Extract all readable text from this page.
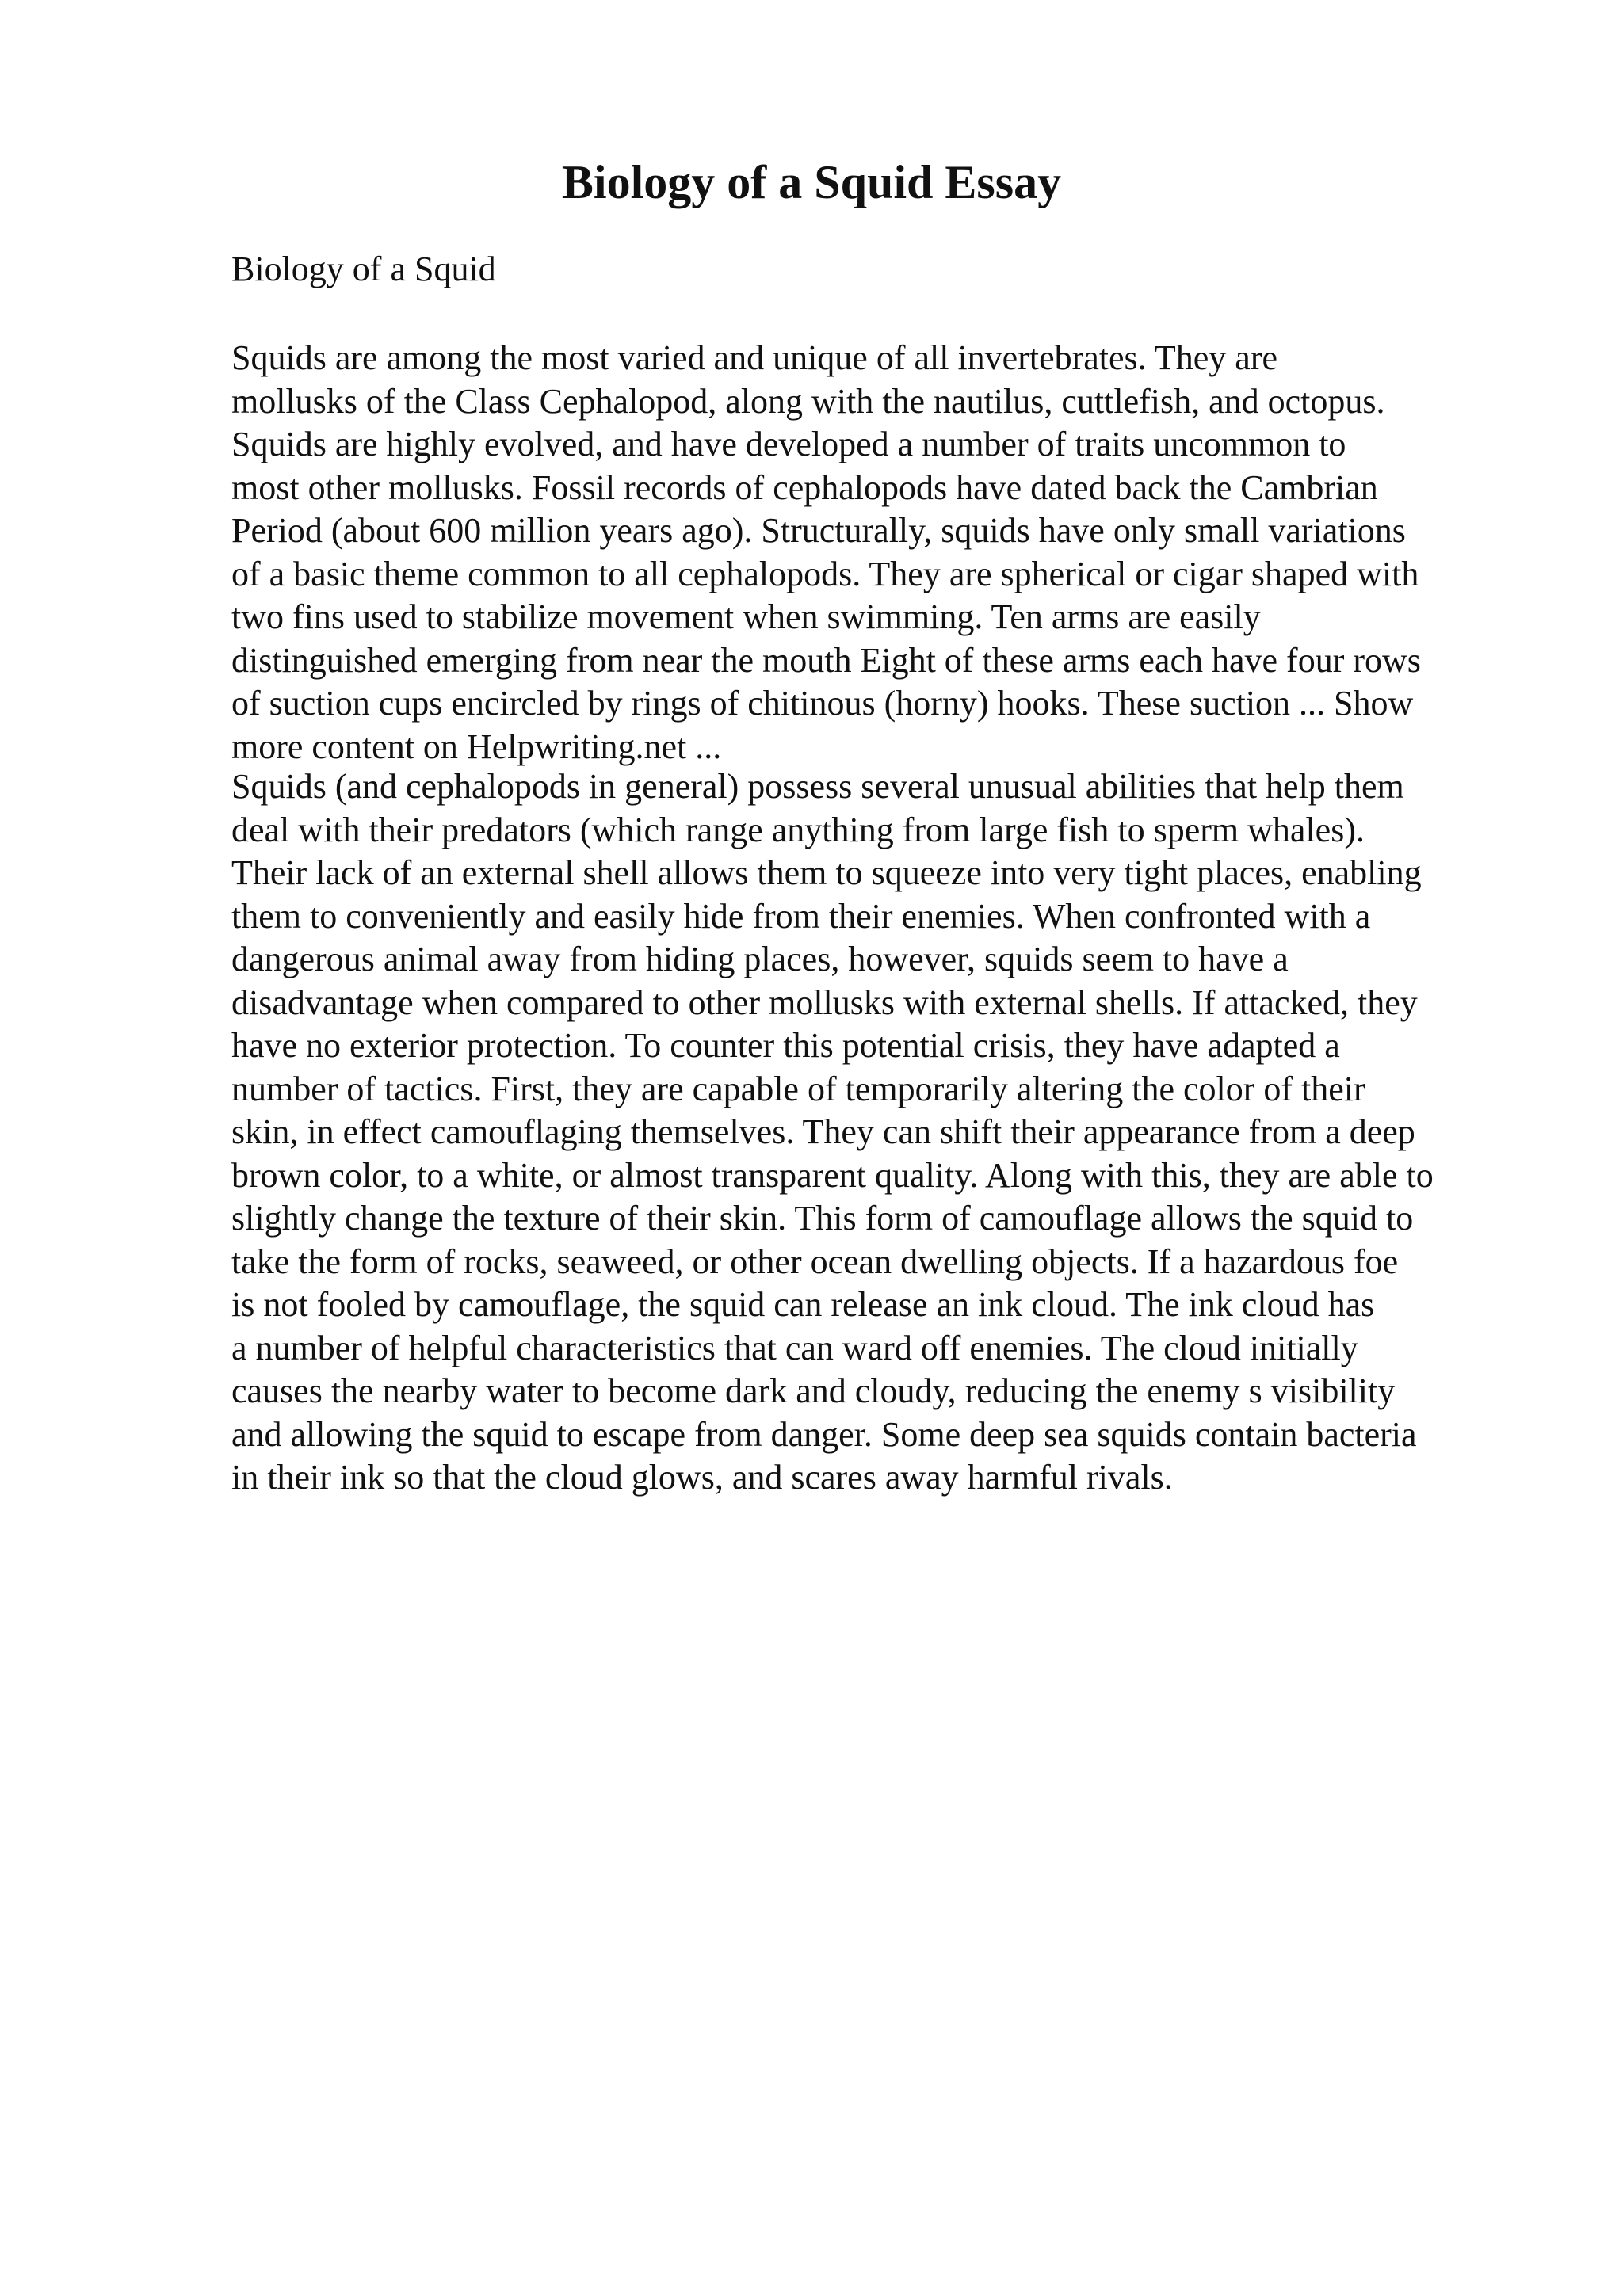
Biology of a Squid Essay

Biology of a Squid

Squids are among the most varied and unique of all invertebrates. They are
mollusks of the Class Cephalopod, along with the nautilus, cuttlefish, and octopus.
Squids are highly evolved, and have developed a number of traits uncommon to
most other mollusks. Fossil records of cephalopods have dated back the Cambrian
Period (about 600 million years ago). Structurally, squids have only small variations
of a basic theme common to all cephalopods. They are spherical or cigar shaped with
two fins used to stabilize movement when swimming. Ten arms are easily
distinguished emerging from near the mouth Eight of these arms each have four rows
of suction cups encircled by rings of chitinous (horny) hooks. These suction ... Show
more content on Helpwriting.net ...

Squids (and cephalopods in general) possess several unusual abilities that help them
deal with their predators (which range anything from large fish to sperm whales).
Their lack of an external shell allows them to squeeze into very tight places, enabling
them to conveniently and easily hide from their enemies. When confronted with a
dangerous animal away from hiding places, however, squids seem to have a
disadvantage when compared to other mollusks with external shells. If attacked, they
have no exterior protection. To counter this potential crisis, they have adapted a
number of tactics. First, they are capable of temporarily altering the color of their
skin, in effect camouflaging themselves. They can shift their appearance from a deep
brown color, to a white, or almost transparent quality. Along with this, they are able to
slightly change the texture of their skin. This form of camouflage allows the squid to
take the form of rocks, seaweed, or other ocean dwelling objects. If a hazardous foe
is not fooled by camouflage, the squid can release an ink cloud. The ink cloud has
a number of helpful characteristics that can ward off enemies. The cloud initially
causes the nearby water to become dark and cloudy, reducing the enemy s visibility
and allowing the squid to escape from danger. Some deep sea squids contain bacteria
in their ink so that the cloud glows, and scares away harmful rivals.
